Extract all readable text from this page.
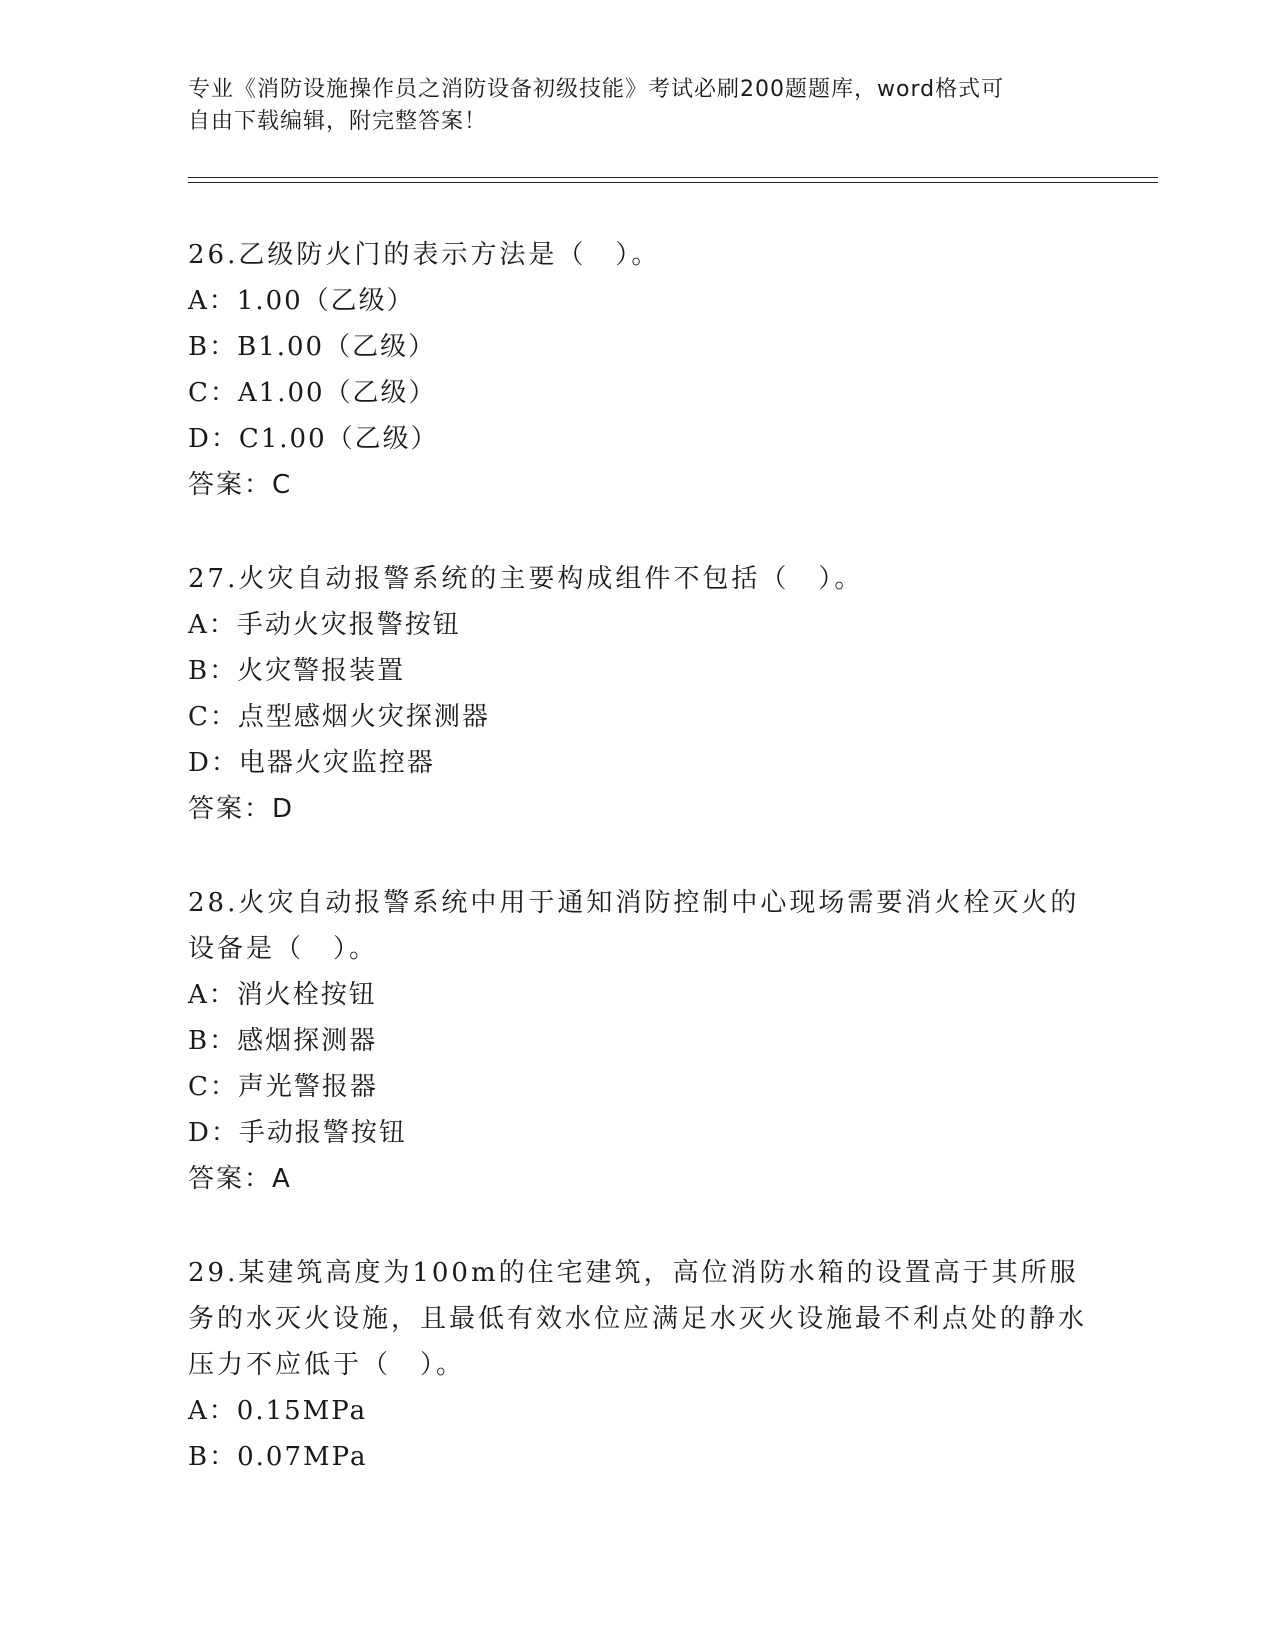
专业《消防设施操作员之消防设备初级技能》考试必刷200题题库，word格式可
自由下载编辑，附完整答案！

26.乙级防火门的表示方法是（　）。

A：1.00（乙级）

B：B1.00（乙级）

C：A1.00（乙级）

D：C1.00（乙级）

答案：C

27.火灾自动报警系统的主要构成组件不包括（　）。

A：手动火灾报警按钮

B：火灾警报装置

C：点型感烟火灾探测器

D：电器火灾监控器

答案：D

28.火灾自动报警系统中用于通知消防控制中心现场需要消火栓灭火的设备是（　）。

A：消火栓按钮

B：感烟探测器

C：声光警报器

D：手动报警按钮

答案：A

29.某建筑高度为100m的住宅建筑，高位消防水箱的设置高于其所服务的水灭火设施，且最低有效水位应满足水灭火设施最不利点处的静水压力不应低于（　）。

A：0.15MPa

B：0.07MPa
